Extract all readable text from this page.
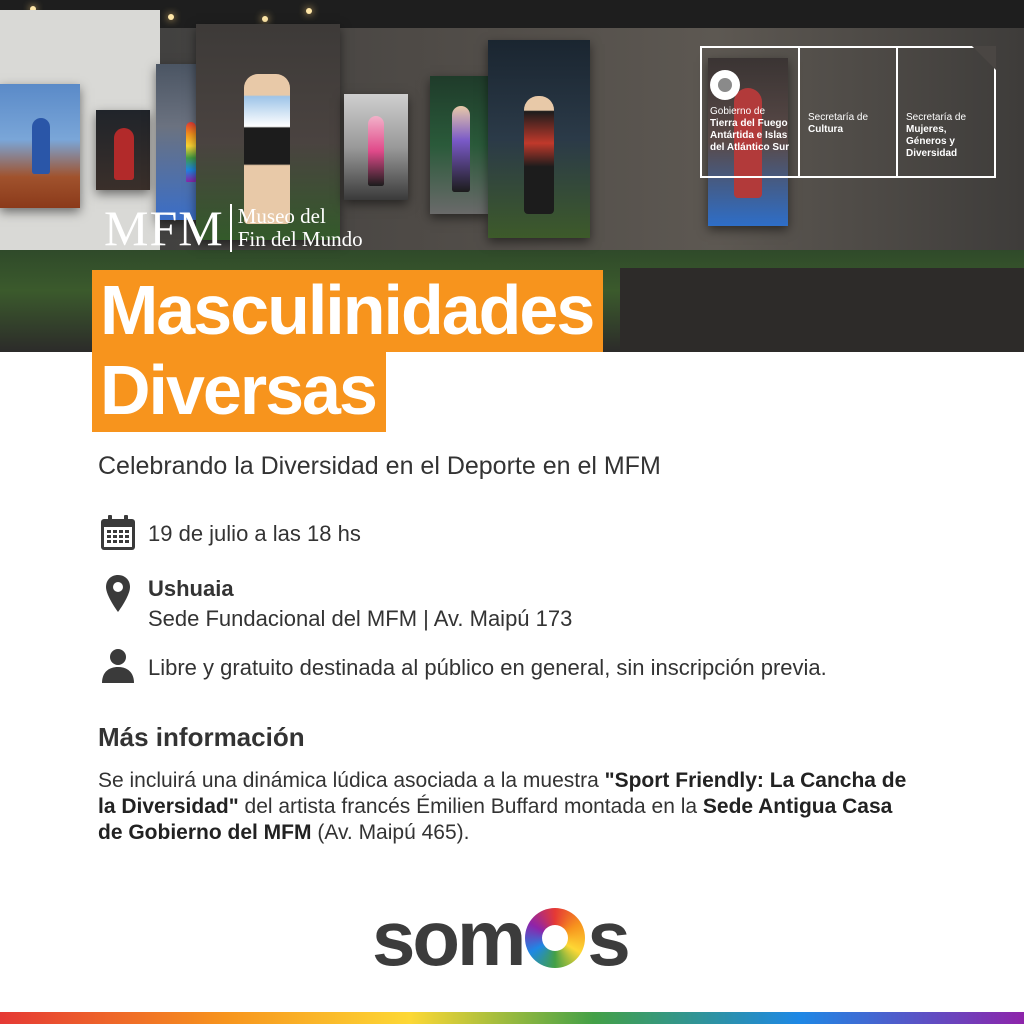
MFM Museo del
Fin del Mundo
Gobierno de
Tierra del Fuego
Antártida e Islas
del Atlántico Sur
Secretaría de
Cultura
Secretaría de
Mujeres,
Géneros y
Diversidad
Masculinidades
Diversas
Celebrando la Diversidad en el Deporte en el MFM
19 de julio a las 18 hs
Ushuaia
Sede Fundacional del MFM | Av. Maipú 173
Libre y gratuito destinada al público en general, sin inscripción previa.
Más información
Se incluirá una dinámica lúdica asociada a la muestra "Sport Friendly: La Cancha de la Diversidad" del artista francés Émilien Buffard montada en la Sede Antigua Casa de Gobierno del MFM (Av. Maipú 465).
som s
